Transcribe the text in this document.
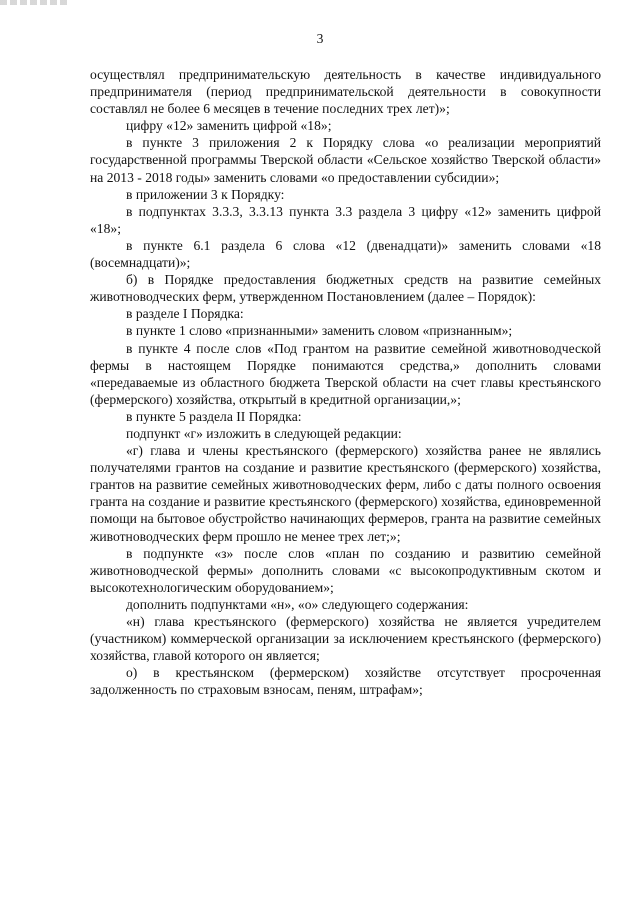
3

осуществлял предпринимательскую деятельность в качестве индивидуального предпринимателя (период предпринимательской деятельности в совокупности составлял не более 6 месяцев в течение последних трех лет)»;

цифру «12» заменить цифрой «18»;

в пункте 3 приложения 2 к Порядку слова «о реализации мероприятий государственной программы Тверской области «Сельское хозяйство Тверской области» на 2013 - 2018 годы» заменить словами «о предоставлении субсидии»;

в приложении 3 к Порядку:

в подпунктах 3.3.3, 3.3.13 пункта 3.3 раздела 3 цифру «12» заменить цифрой «18»;

в пункте 6.1 раздела 6 слова «12 (двенадцати)» заменить словами «18 (восемнадцати)»;

б) в Порядке предоставления бюджетных средств на развитие семейных животноводческих ферм, утвержденном Постановлением (далее – Порядок):

в разделе I Порядка:

в пункте 1 слово «признанными» заменить словом «признанным»;

в пункте 4 после слов «Под грантом на развитие семейной животноводческой фермы в настоящем Порядке понимаются средства,» дополнить словами «передаваемые из областного бюджета Тверской области на счет главы крестьянского (фермерского) хозяйства, открытый в кредитной организации,»;

в пункте 5 раздела II Порядка:

подпункт «г» изложить в следующей редакции:

«г) глава и члены крестьянского (фермерского) хозяйства ранее не являлись получателями грантов на создание и развитие крестьянского (фермерского) хозяйства, грантов на развитие семейных животноводческих ферм, либо с даты полного освоения гранта на создание и развитие крестьянского (фермерского) хозяйства, единовременной помощи на бытовое обустройство начинающих фермеров, гранта на развитие семейных животноводческих ферм прошло не менее трех лет;»;

в подпункте «з» после слов «план по созданию и развитию семейной животноводческой фермы» дополнить словами «с высокопродуктивным скотом и высокотехнологическим оборудованием»;

дополнить подпунктами «н», «о» следующего содержания:

«н) глава крестьянского (фермерского) хозяйства не является учредителем (участником) коммерческой организации за исключением крестьянского (фермерского) хозяйства, главой которого он является;

о) в крестьянском (фермерском) хозяйстве отсутствует просроченная задолженность по страховым взносам, пеням, штрафам»;
